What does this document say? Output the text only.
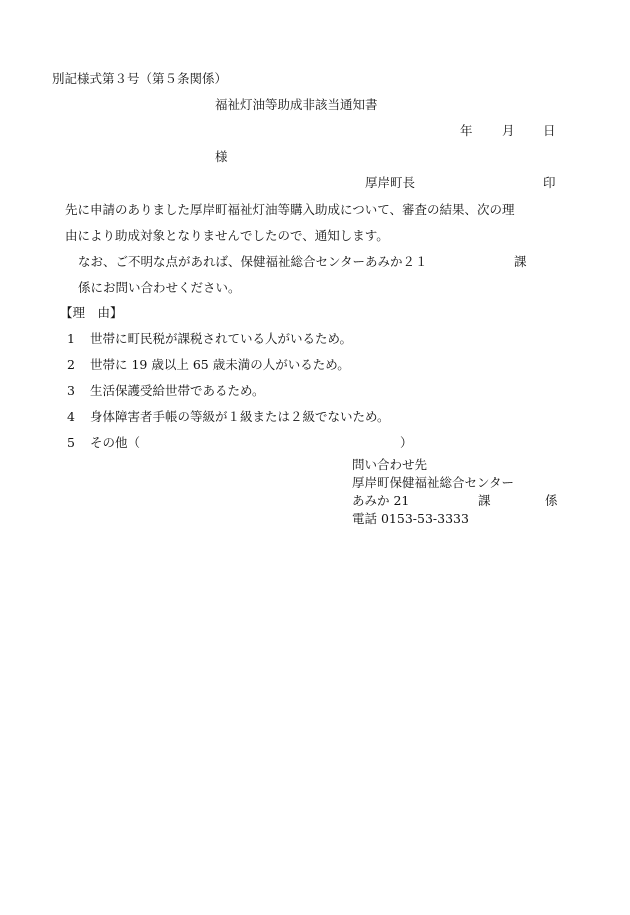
別記様式第３号（第５条関係）
福祉灯油等助成非該当通知書
年 月 日
様
厚岸町長	印
先に申請のありました厚岸町福祉灯油等購入助成について、審査の結果、次の理
由により助成対象となりませんでしたので、通知します。
なお、ご不明な点があれば、保健福祉総合センターあみか２１	課
係にお問い合わせください。
【理　由】
1 世帯に町民税が課税されている人がいるため。
2 世帯に 19 歳以上 65 歳未満の人がいるため。
3 生活保護受給世帯であるため。
4 身体障害者手帳の等級が１級または２級でないため。
5 その他（	）
問い合わせ先
厚岸町保健福祉総合センター
あみか 21	課	係
電話 0153-53-3333
